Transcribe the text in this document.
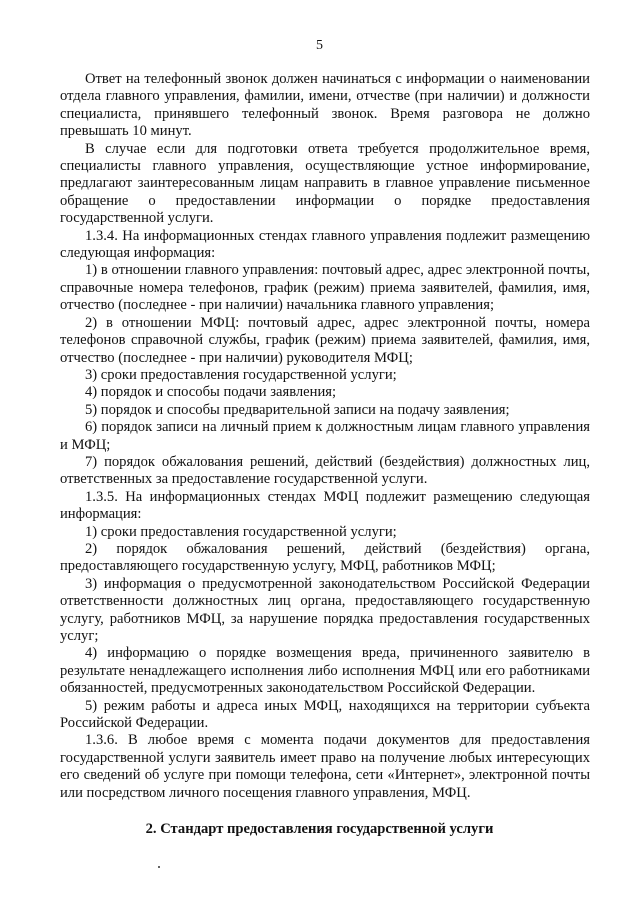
5

Ответ на телефонный звонок должен начинаться с информации о наименовании отдела главного управления, фамилии, имени, отчестве (при наличии) и должности специалиста, принявшего телефонный звонок. Время разговора не должно превышать 10 минут.

В случае если для подготовки ответа требуется продолжительное время, специалисты главного управления, осуществляющие устное информирование, предлагают заинтересованным лицам направить в главное управление письменное обращение о предоставлении информации о порядке предоставления государственной услуги.

1.3.4. На информационных стендах главного управления подлежит размещению следующая информация:

1) в отношении главного управления: почтовый адрес, адрес электронной почты, справочные номера телефонов, график (режим) приема заявителей, фамилия, имя, отчество (последнее - при наличии) начальника главного управления;

2) в отношении МФЦ: почтовый адрес, адрес электронной почты, номера телефонов справочной службы, график (режим) приема заявителей, фамилия, имя, отчество (последнее - при наличии) руководителя МФЦ;

3) сроки предоставления государственной услуги;

4) порядок и способы подачи заявления;

5) порядок и способы предварительной записи на подачу заявления;

6) порядок записи на личный прием к должностным лицам главного управления и МФЦ;

7) порядок обжалования решений, действий (бездействия) должностных лиц, ответственных за предоставление государственной услуги.

1.3.5. На информационных стендах МФЦ подлежит размещению следующая информация:

1) сроки предоставления государственной услуги;

2) порядок обжалования решений, действий (бездействия) органа, предоставляющего государственную услугу, МФЦ, работников МФЦ;

3) информация о предусмотренной законодательством Российской Федерации ответственности должностных лиц органа, предоставляющего государственную услугу, работников МФЦ, за нарушение порядка предоставления государственных услуг;

4) информацию о порядке возмещения вреда, причиненного заявителю в результате ненадлежащего исполнения либо исполнения МФЦ или его работниками обязанностей, предусмотренных законодательством Российской Федерации.

5) режим работы и адреса иных МФЦ, находящихся на территории субъекта Российской Федерации.

1.3.6. В любое время с момента подачи документов для предоставления государственной услуги заявитель имеет право на получение любых интересующих его сведений об услуге при помощи телефона, сети «Интернет», электронной почты или посредством личного посещения главного управления, МФЦ.

2. Стандарт предоставления государственной услуги
